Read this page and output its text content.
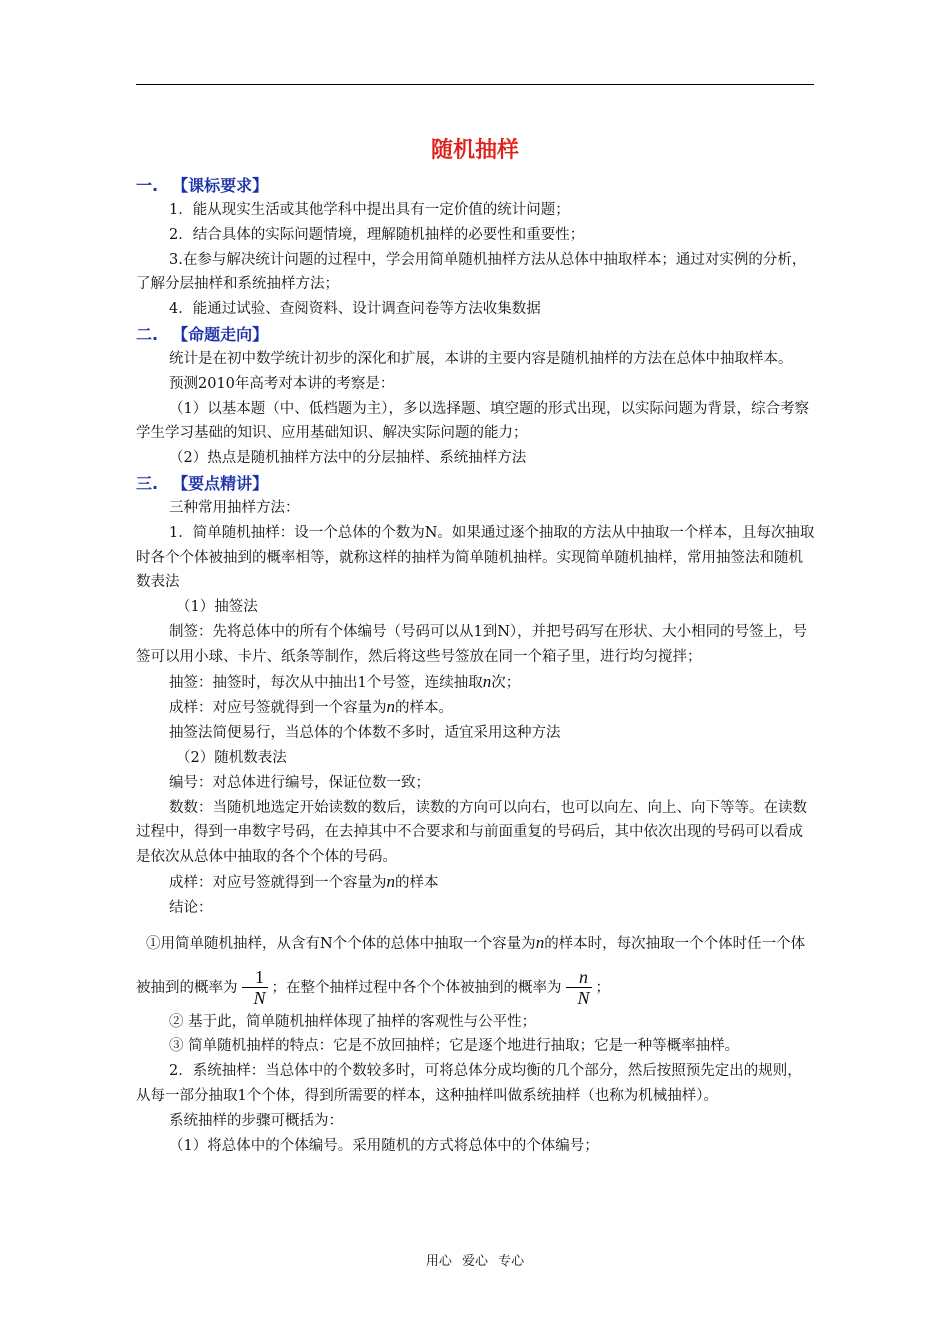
随机抽样

一. 【课标要求】

1．能从现实生活或其他学科中提出具有一定价值的统计问题；

2．结合具体的实际问题情境，理解随机抽样的必要性和重要性；

3.在参与解决统计问题的过程中，学会用简单随机抽样方法从总体中抽取样本；通过对实例的分析，了解分层抽样和系统抽样方法；

4．能通过试验、查阅资料、设计调查问卷等方法收集数据

二. 【命题走向】

统计是在初中数学统计初步的深化和扩展，本讲的主要内容是随机抽样的方法在总体中抽取样本。

预测2010年高考对本讲的考察是：

（1）以基本题（中、低档题为主），多以选择题、填空题的形式出现，以实际问题为背景，综合考察学生学习基础的知识、应用基础知识、解决实际问题的能力；

（2）热点是随机抽样方法中的分层抽样、系统抽样方法

三. 【要点精讲】

三种常用抽样方法：

1．简单随机抽样：设一个总体的个数为N。如果通过逐个抽取的方法从中抽取一个样本，且每次抽取时各个个体被抽到的概率相等，就称这样的抽样为简单随机抽样。实现简单随机抽样，常用抽签法和随机数表法

（1）抽签法

制签：先将总体中的所有个体编号（号码可以从1到N），并把号码写在形状、大小相同的号签上，号签可以用小球、卡片、纸条等制作，然后将这些号签放在同一个箱子里，进行均匀搅拌；

抽签：抽签时，每次从中抽出1个号签，连续抽取n次；

成样：对应号签就得到一个容量为n的样本。

抽签法简便易行，当总体的个体数不多时，适宜采用这种方法

（2）随机数表法

编号：对总体进行编号，保证位数一致；

数数：当随机地选定开始读数的数后，读数的方向可以向右，也可以向左、向上、向下等等。在读数过程中，得到一串数字号码，在去掉其中不合要求和与前面重复的号码后，其中依次出现的号码可以看成是依次从总体中抽取的各个个体的号码。

成样：对应号签就得到一个容量为n的样本

结论：

①用简单随机抽样，从含有N个个体的总体中抽取一个容量为n的样本时，每次抽取一个个体时任一个体被抽到的概率为 $\frac{1}{N}$ ；在整个抽样过程中各个个体被抽到的概率为 $\frac{n}{N}$ ；

② 基于此，简单随机抽样体现了抽样的客观性与公平性；

③ 简单随机抽样的特点：它是不放回抽样；它是逐个地进行抽取；它是一种等概率抽样。

2．系统抽样：当总体中的个数较多时，可将总体分成均衡的几个部分，然后按照预先定出的规则，从每一部分抽取1个个体，得到所需要的样本，这种抽样叫做系统抽样（也称为机械抽样）。

系统抽样的步骤可概括为：

（1）将总体中的个体编号。采用随机的方式将总体中的个体编号；

用心 爱心 专心
